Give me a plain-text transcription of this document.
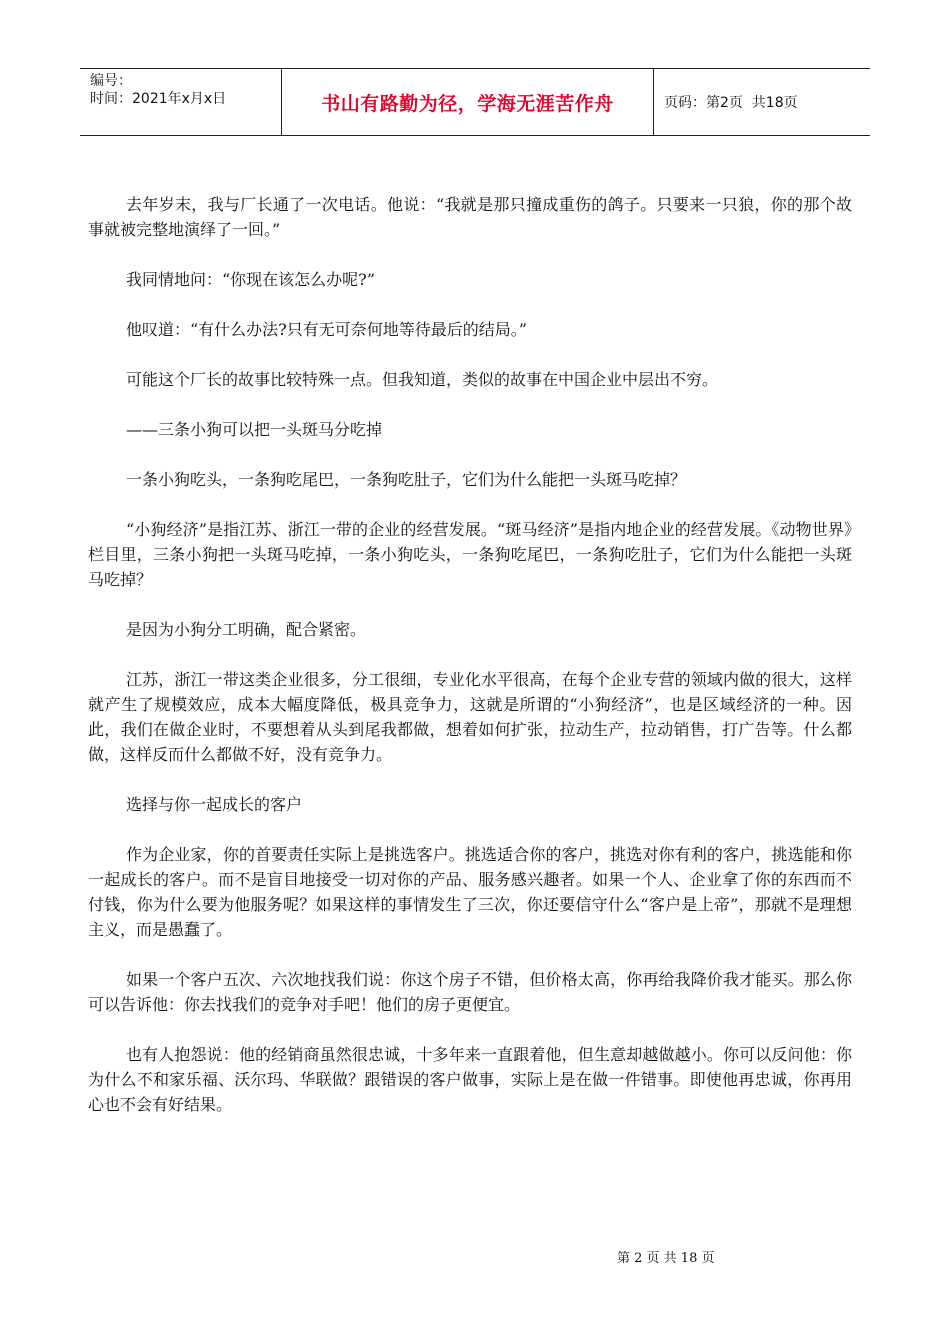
编号：
时间：2021年x月x日	书山有路勤为径，学海无涯苦作舟	页码：第2页  共18页

去年岁末，我与厂长通了一次电话。他说：“我就是那只撞成重伤的鸽子。只要来一只狼，你的那个故事就被完整地演绎了一回。”

我同情地问：“你现在该怎么办呢?”

他叹道：“有什么办法?只有无可奈何地等待最后的结局。”

可能这个厂长的故事比较特殊一点。但我知道，类似的故事在中国企业中层出不穷。

——三条小狗可以把一头斑马分吃掉

一条小狗吃头，一条狗吃尾巴，一条狗吃肚子，它们为什么能把一头斑马吃掉？

“小狗经济”是指江苏、浙江一带的企业的经营发展。“斑马经济”是指内地企业的经营发展。《动物世界》栏目里，三条小狗把一头斑马吃掉，一条小狗吃头，一条狗吃尾巴，一条狗吃肚子，它们为什么能把一头斑马吃掉？

是因为小狗分工明确，配合紧密。

江苏，浙江一带这类企业很多，分工很细，专业化水平很高，在每个企业专营的领域内做的很大，这样就产生了规模效应，成本大幅度降低，极具竞争力，这就是所谓的“小狗经济”，也是区域经济的一种。因此，我们在做企业时，不要想着从头到尾我都做，想着如何扩张，拉动生产，拉动销售，打广告等。什么都做，这样反而什么都做不好，没有竞争力。

选择与你一起成长的客户

作为企业家，你的首要责任实际上是挑选客户。挑选适合你的客户，挑选对你有利的客户，挑选能和你一起成长的客户。而不是盲目地接受一切对你的产品、服务感兴趣者。如果一个人、企业拿了你的东西而不付钱，你为什么要为他服务呢？如果这样的事情发生了三次，你还要信守什么“客户是上帝”，那就不是理想主义，而是愚蠢了。

如果一个客户五次、六次地找我们说：你这个房子不错，但价格太高，你再给我降价我才能买。那么你可以告诉他：你去找我们的竞争对手吧！他们的房子更便宜。

也有人抱怨说：他的经销商虽然很忠诚，十多年来一直跟着他，但生意却越做越小。你可以反问他：你为什么不和家乐福、沃尔玛、华联做？跟错误的客户做事，实际上是在做一件错事。即使他再忠诚，你再用心也不会有好结果。

第 2 页 共 18 页
